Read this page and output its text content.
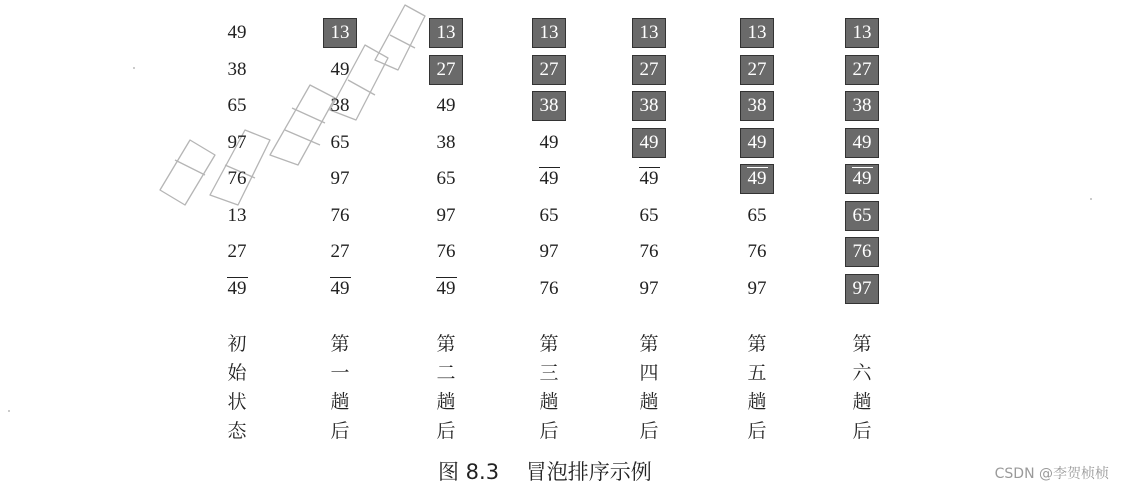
49
38
65
97
76
13
27
49
初
始
状
态
13
49
38
65
97
76
27
49
第
一
趟
后
13
27
49
38
65
97
76
49
第
二
趟
后
13
27
38
49
49
65
97
76
第
三
趟
后
13
27
38
49
49
65
76
97
第
四
趟
后
13
27
38
49
49
65
76
97
第
五
趟
后
13
27
38
49
49
65
76
97
第
六
趟
后
图 8.3    冒泡排序示例	CSDN @李贺桢桢
